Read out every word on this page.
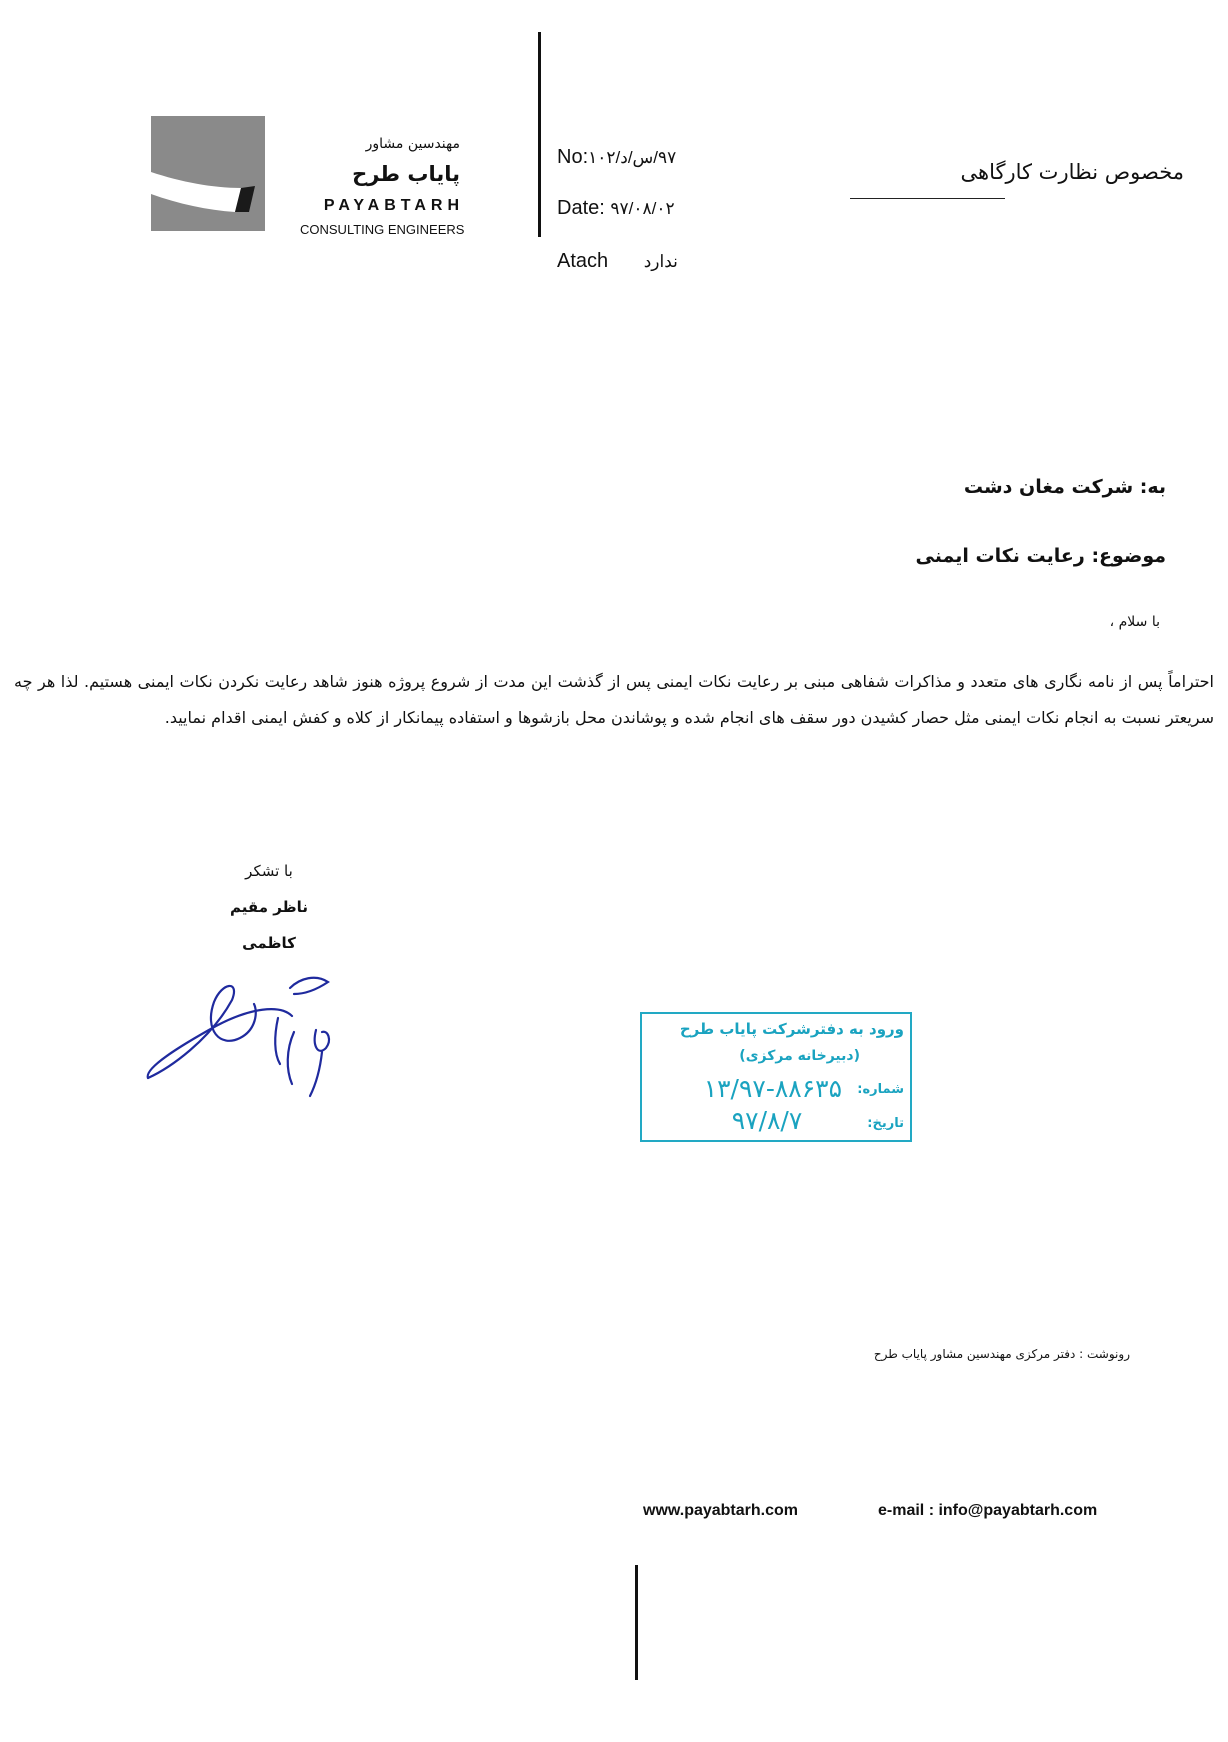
مهندسین مشاور
پایاب طرح
PAYABTARH
CONSULTING ENGINEERS
No:۹۷/س/د/۱۰۲
Date: ۹۷/۰۸/۰۲
Atach ندارد
مخصوص نظارت کارگاهی
به: شرکت مغان دشت
موضوع: رعایت نکات ایمنی
با سلام ،
احتراماً پس از نامه نگاری های متعدد و مذاکرات شفاهی مبنی بر رعایت نکات ایمنی پس از گذشت این مدت از شروع پروژه هنوز شاهد رعایت نکردن نکات ایمنی هستیم. لذا هر چه سریعتر نسبت به انجام نکات ایمنی مثل حصار کشیدن دور سقف های انجام شده و پوشاندن محل بازشوها و استفاده پیمانکار از کلاه و کفش ایمنی اقدام نمایید.
با تشکر
ناظر مقیم
کاظمی
ورود به دفترشرکت پایاب طرح
(دبیرخانه مرکزی)
شماره:
۱۳/۹۷-۸۸۶۳۵
تاریخ:
۹۷/۸/۷
رونوشت : دفتر مرکزی مهندسین مشاور پایاب طرح
www.payabtarh.com	e-mail : info@payabtarh.com
